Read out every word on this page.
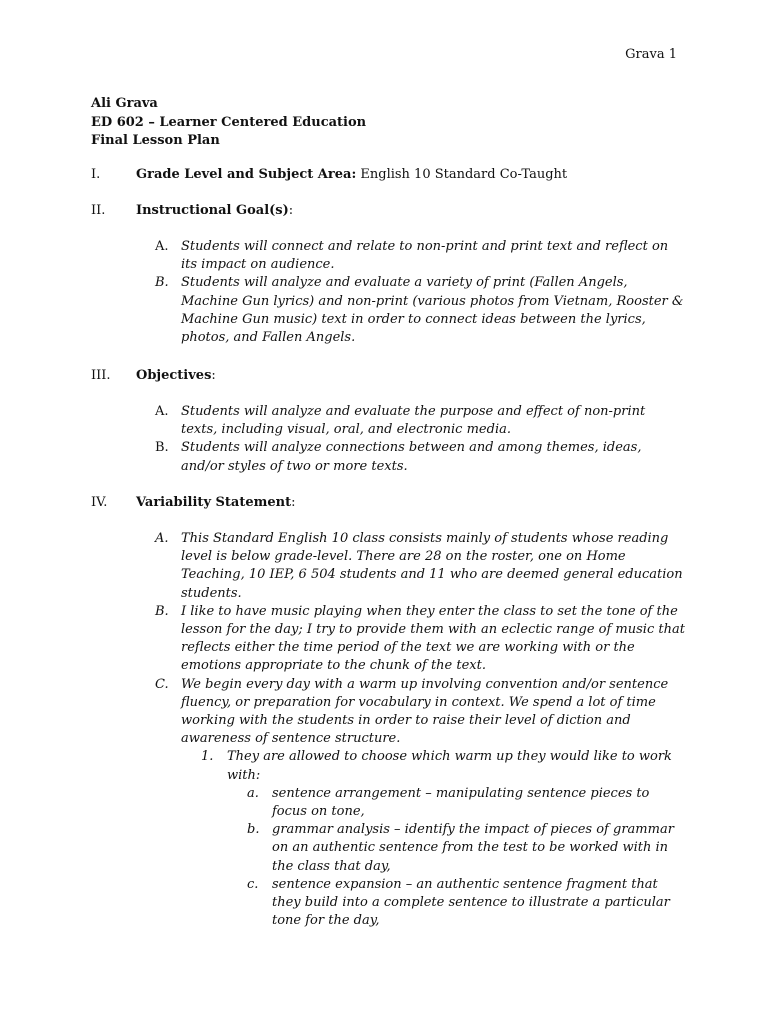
Grava 1
Ali Grava
ED 602 – Learner Centered Education
Final Lesson Plan
I.	Grade Level and Subject Area: English 10 Standard Co-Taught
II. Instructional Goal(s):
A. Students will connect and relate to non-print and print text and reflect on its impact on audience.
B. Students will analyze and evaluate a variety of print (Fallen Angels, Machine Gun lyrics) and non-print (various photos from Vietnam, Rooster & Machine Gun music) text in order to connect ideas between the lyrics, photos, and Fallen Angels.
III. Objectives:
A. Students will analyze and evaluate the purpose and effect of non-print texts, including visual, oral, and electronic media.
B. Students will analyze connections between and among themes, ideas, and/or styles of two or more texts.
IV. Variability Statement:
A. This Standard English 10 class consists mainly of students whose reading level is below grade-level. There are 28 on the roster, one on Home Teaching, 10 IEP, 6 504 students and 11 who are deemed general education students.
B. I like to have music playing when they enter the class to set the tone of the lesson for the day; I try to provide them with an eclectic range of music that reflects either the time period of the text we are working with or the emotions appropriate to the chunk of the text.
C. We begin every day with a warm up involving convention and/or sentence fluency, or preparation for vocabulary in context. We spend a lot of time working with the students in order to raise their level of diction and awareness of sentence structure.
1. They are allowed to choose which warm up they would like to work with:
a. sentence arrangement – manipulating sentence pieces to focus on tone,
b. grammar analysis – identify the impact of pieces of grammar on an authentic sentence from the test to be worked with in the class that day,
c. sentence expansion – an authentic sentence fragment that they build into a complete sentence to illustrate a particular tone for the day,
